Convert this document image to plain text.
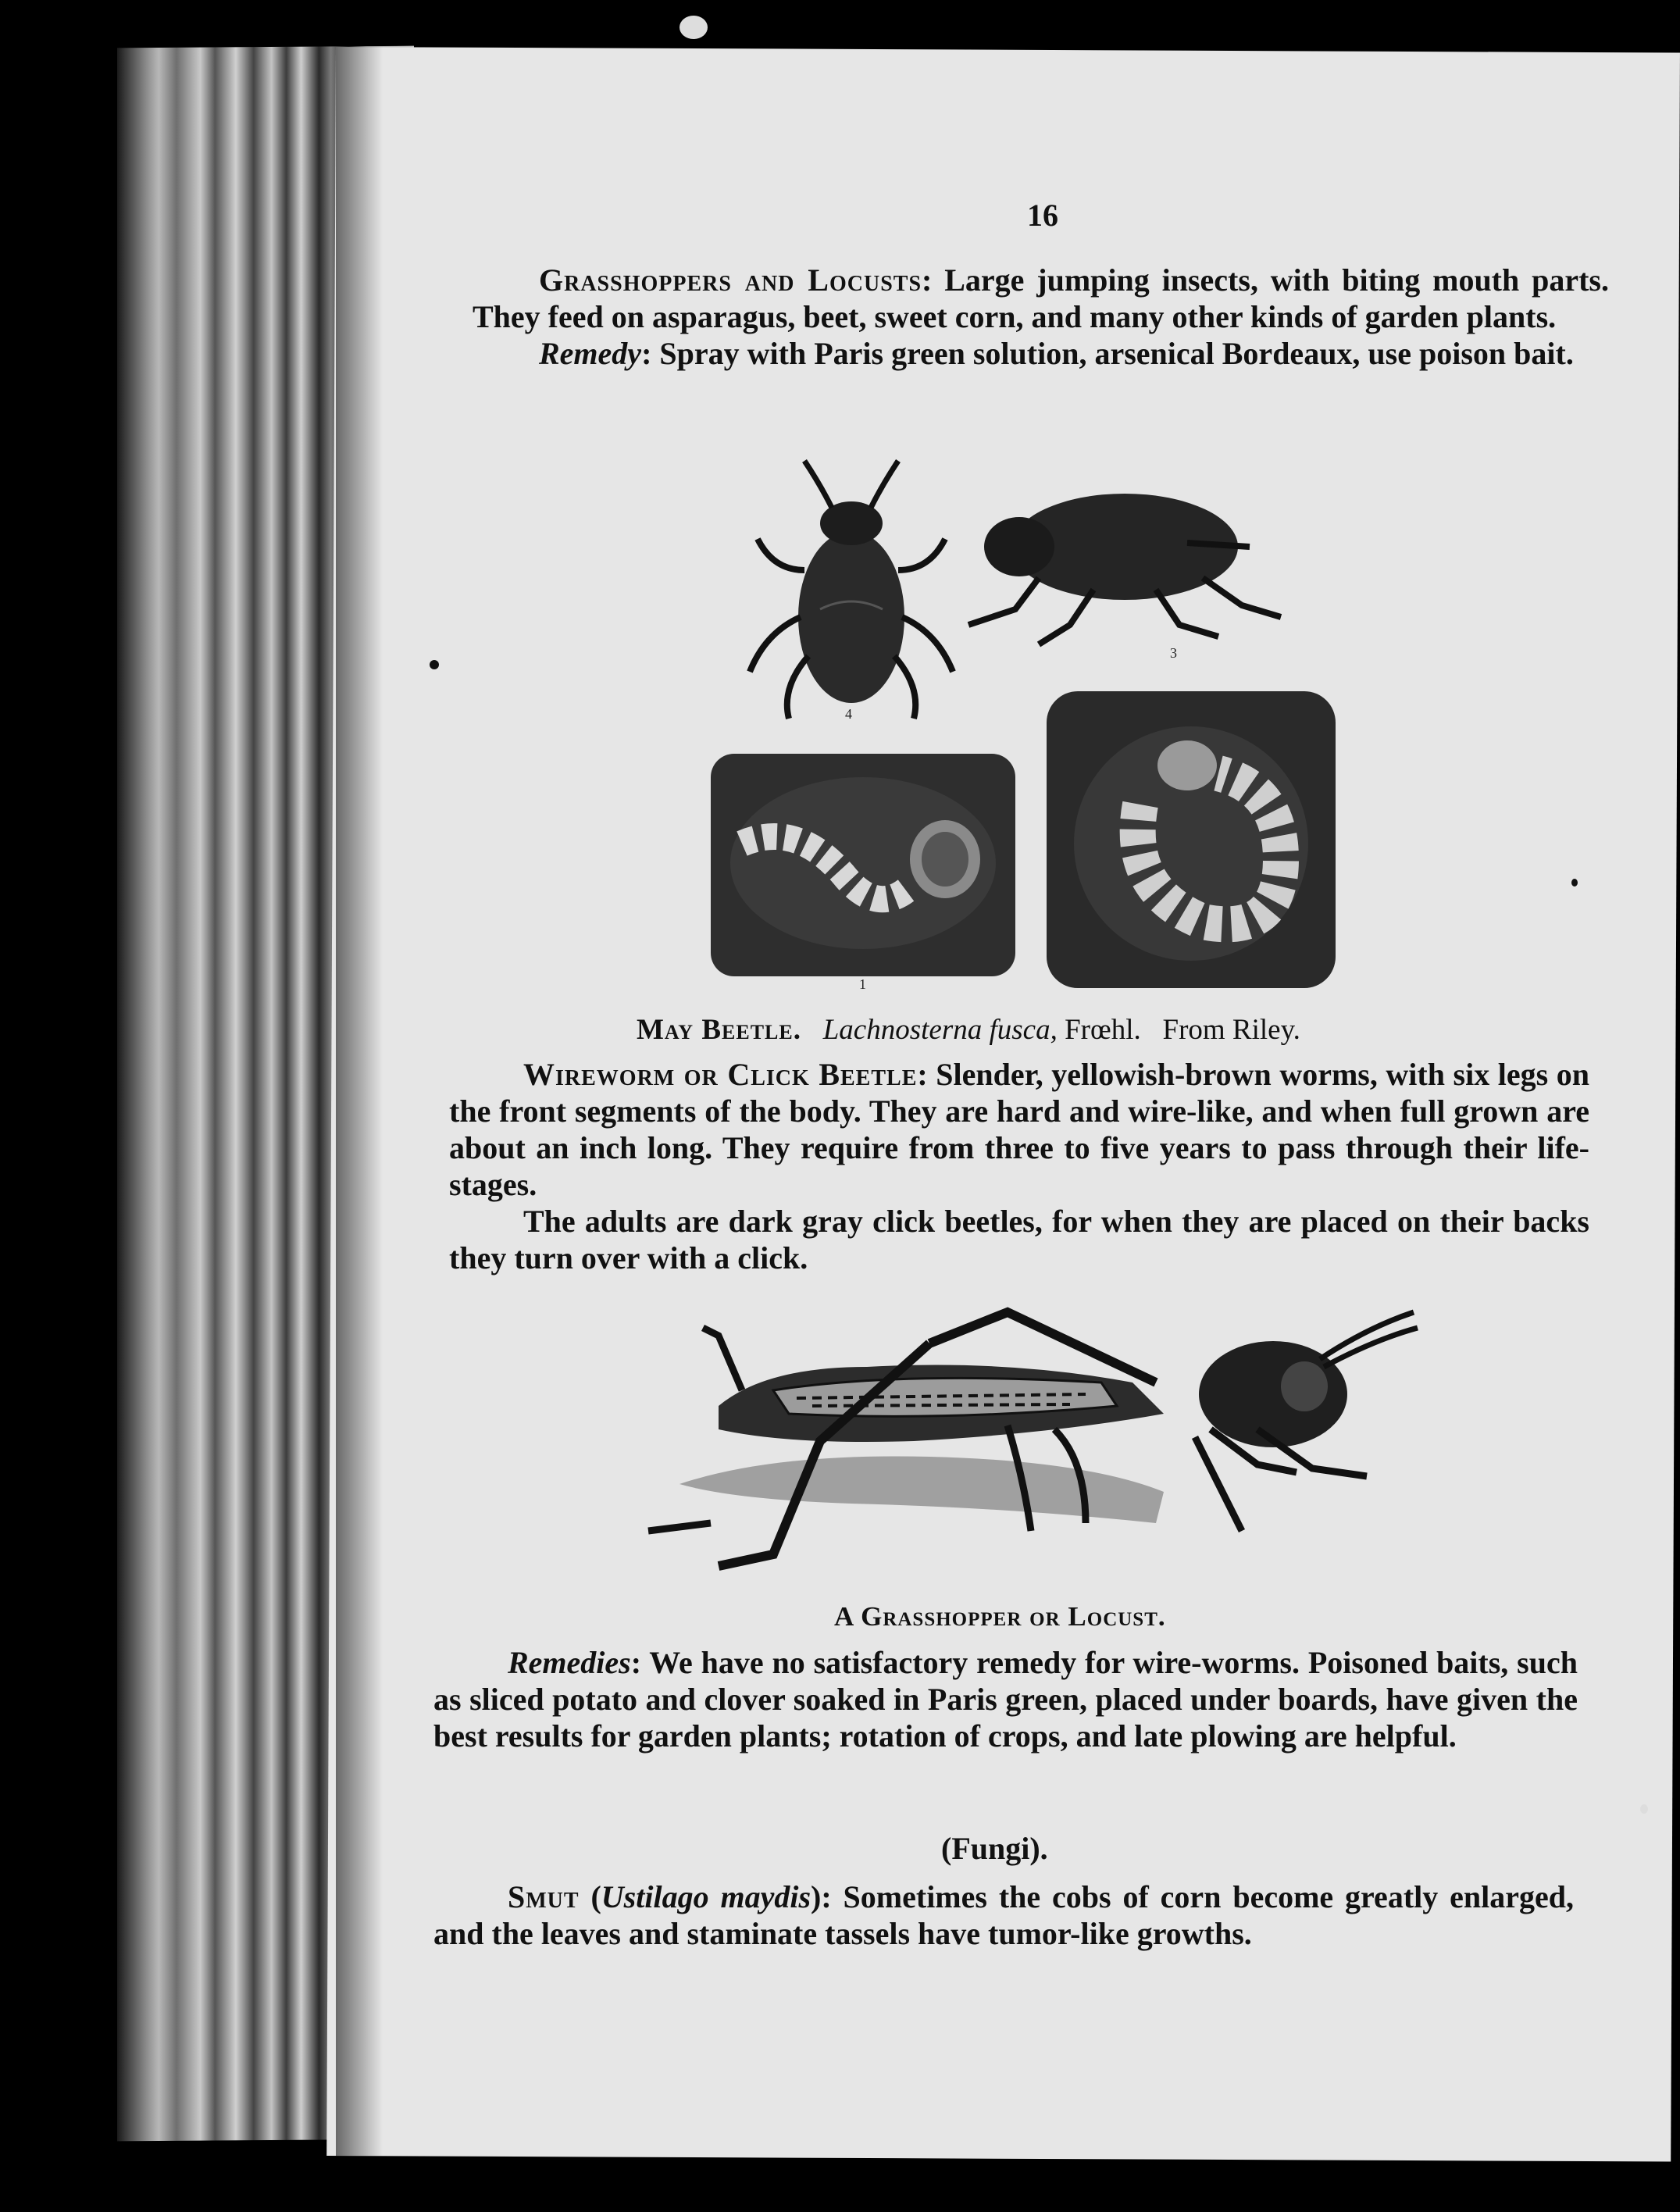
16

Grasshoppers and Locusts: Large jumping insects, with biting mouth parts. They feed on asparagus, beet, sweet corn, and many other kinds of garden plants.

Remedy: Spray with Paris green solution, arsenical Bordeaux, use poison bait.

4
3
1
May Beetle. Lachnosterna fusca, Frœhl. From Riley.

Wireworm or Click Beetle: Slender, yellowish-brown worms, with six legs on the front segments of the body. They are hard and wire-like, and when full grown are about an inch long. They require from three to five years to pass through their life-stages.

The adults are dark gray click beetles, for when they are placed on their backs they turn over with a click.

A Grasshopper or Locust.

Remedies: We have no satisfactory remedy for wire-worms. Poisoned baits, such as sliced potato and clover soaked in Paris green, placed under boards, have given the best results for garden plants; rotation of crops, and late plowing are helpful.

(Fungi).

Smut (Ustilago maydis): Sometimes the cobs of corn become greatly enlarged, and the leaves and staminate tassels have tumor-like growths.
